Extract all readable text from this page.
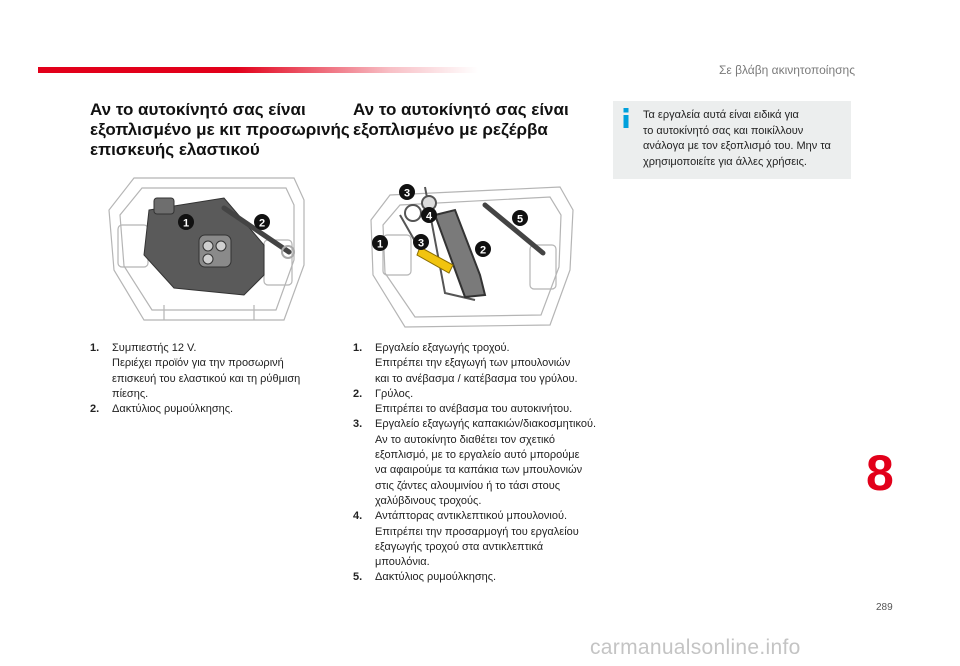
Σε βλάβη ακινητοποίησης
Αν το αυτοκίνητό σας είναι εξοπλισμένο με κιτ προσωρινής επισκευής ελαστικού
Αν το αυτοκίνητό σας είναι εξοπλισμένο με ρεζέρβα
Τα εργαλεία αυτά είναι ειδικά για
το αυτοκίνητό σας και ποικίλλουν
ανάλογα με τον εξοπλισμό του. Μην τα
χρησιμοποιείτε για άλλες χρήσεις.
1	2
3
4	5
1	3
2
1. Συμπιεστής 12 V.
Περιέχει προϊόν για την προσωρινή
επισκευή του ελαστικού και τη ρύθμιση
πίεσης.
2. Δακτύλιος ρυμούλκησης.
1. Εργαλείο εξαγωγής τροχού.
Επιτρέπει την εξαγωγή των μπουλονιών
και το ανέβασμα / κατέβασμα του γρύλου.
2. Γρύλος.
Επιτρέπει το ανέβασμα του αυτοκινήτου.
3. Εργαλείο εξαγωγής καπακιών/διακοσμητικού.
Αν το αυτοκίνητο διαθέτει τον σχετικό
εξοπλισμό, με το εργαλείο αυτό μπορούμε
να αφαιρούμε τα καπάκια των μπουλονιών
στις ζάντες αλουμινίου ή το τάσι στους
χαλύβδινους τροχούς.
4. Αντάπτορας αντικλεπτικού μπουλονιού.
Επιτρέπει την προσαρμογή του εργαλείου
εξαγωγής τροχού στα αντικλεπτικά
μπουλόνια.
5. Δακτύλιος ρυμούλκησης.
8
289
carmanualsonline.info
